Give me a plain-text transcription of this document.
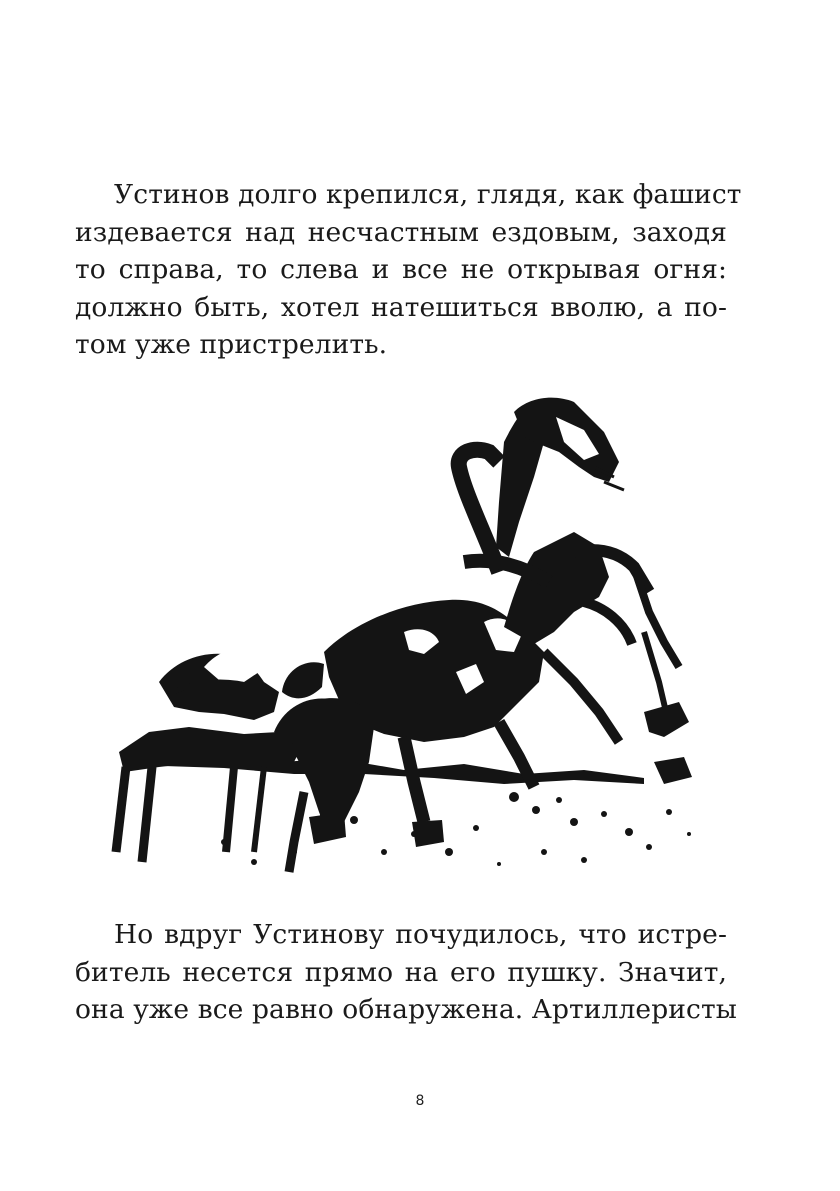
Устинов долго крепился, глядя, как фашист
издевается над несчастным ездовым, заходя
то справа, то слева и все не открывая огня:
должно быть, хотел натешиться вволю, а по-
том уже пристрелить.
Но вдруг Устинову почудилось, что истре-
битель несется прямо на его пушку. Значит,
она уже все равно обнаружена. Артиллеристы
8
